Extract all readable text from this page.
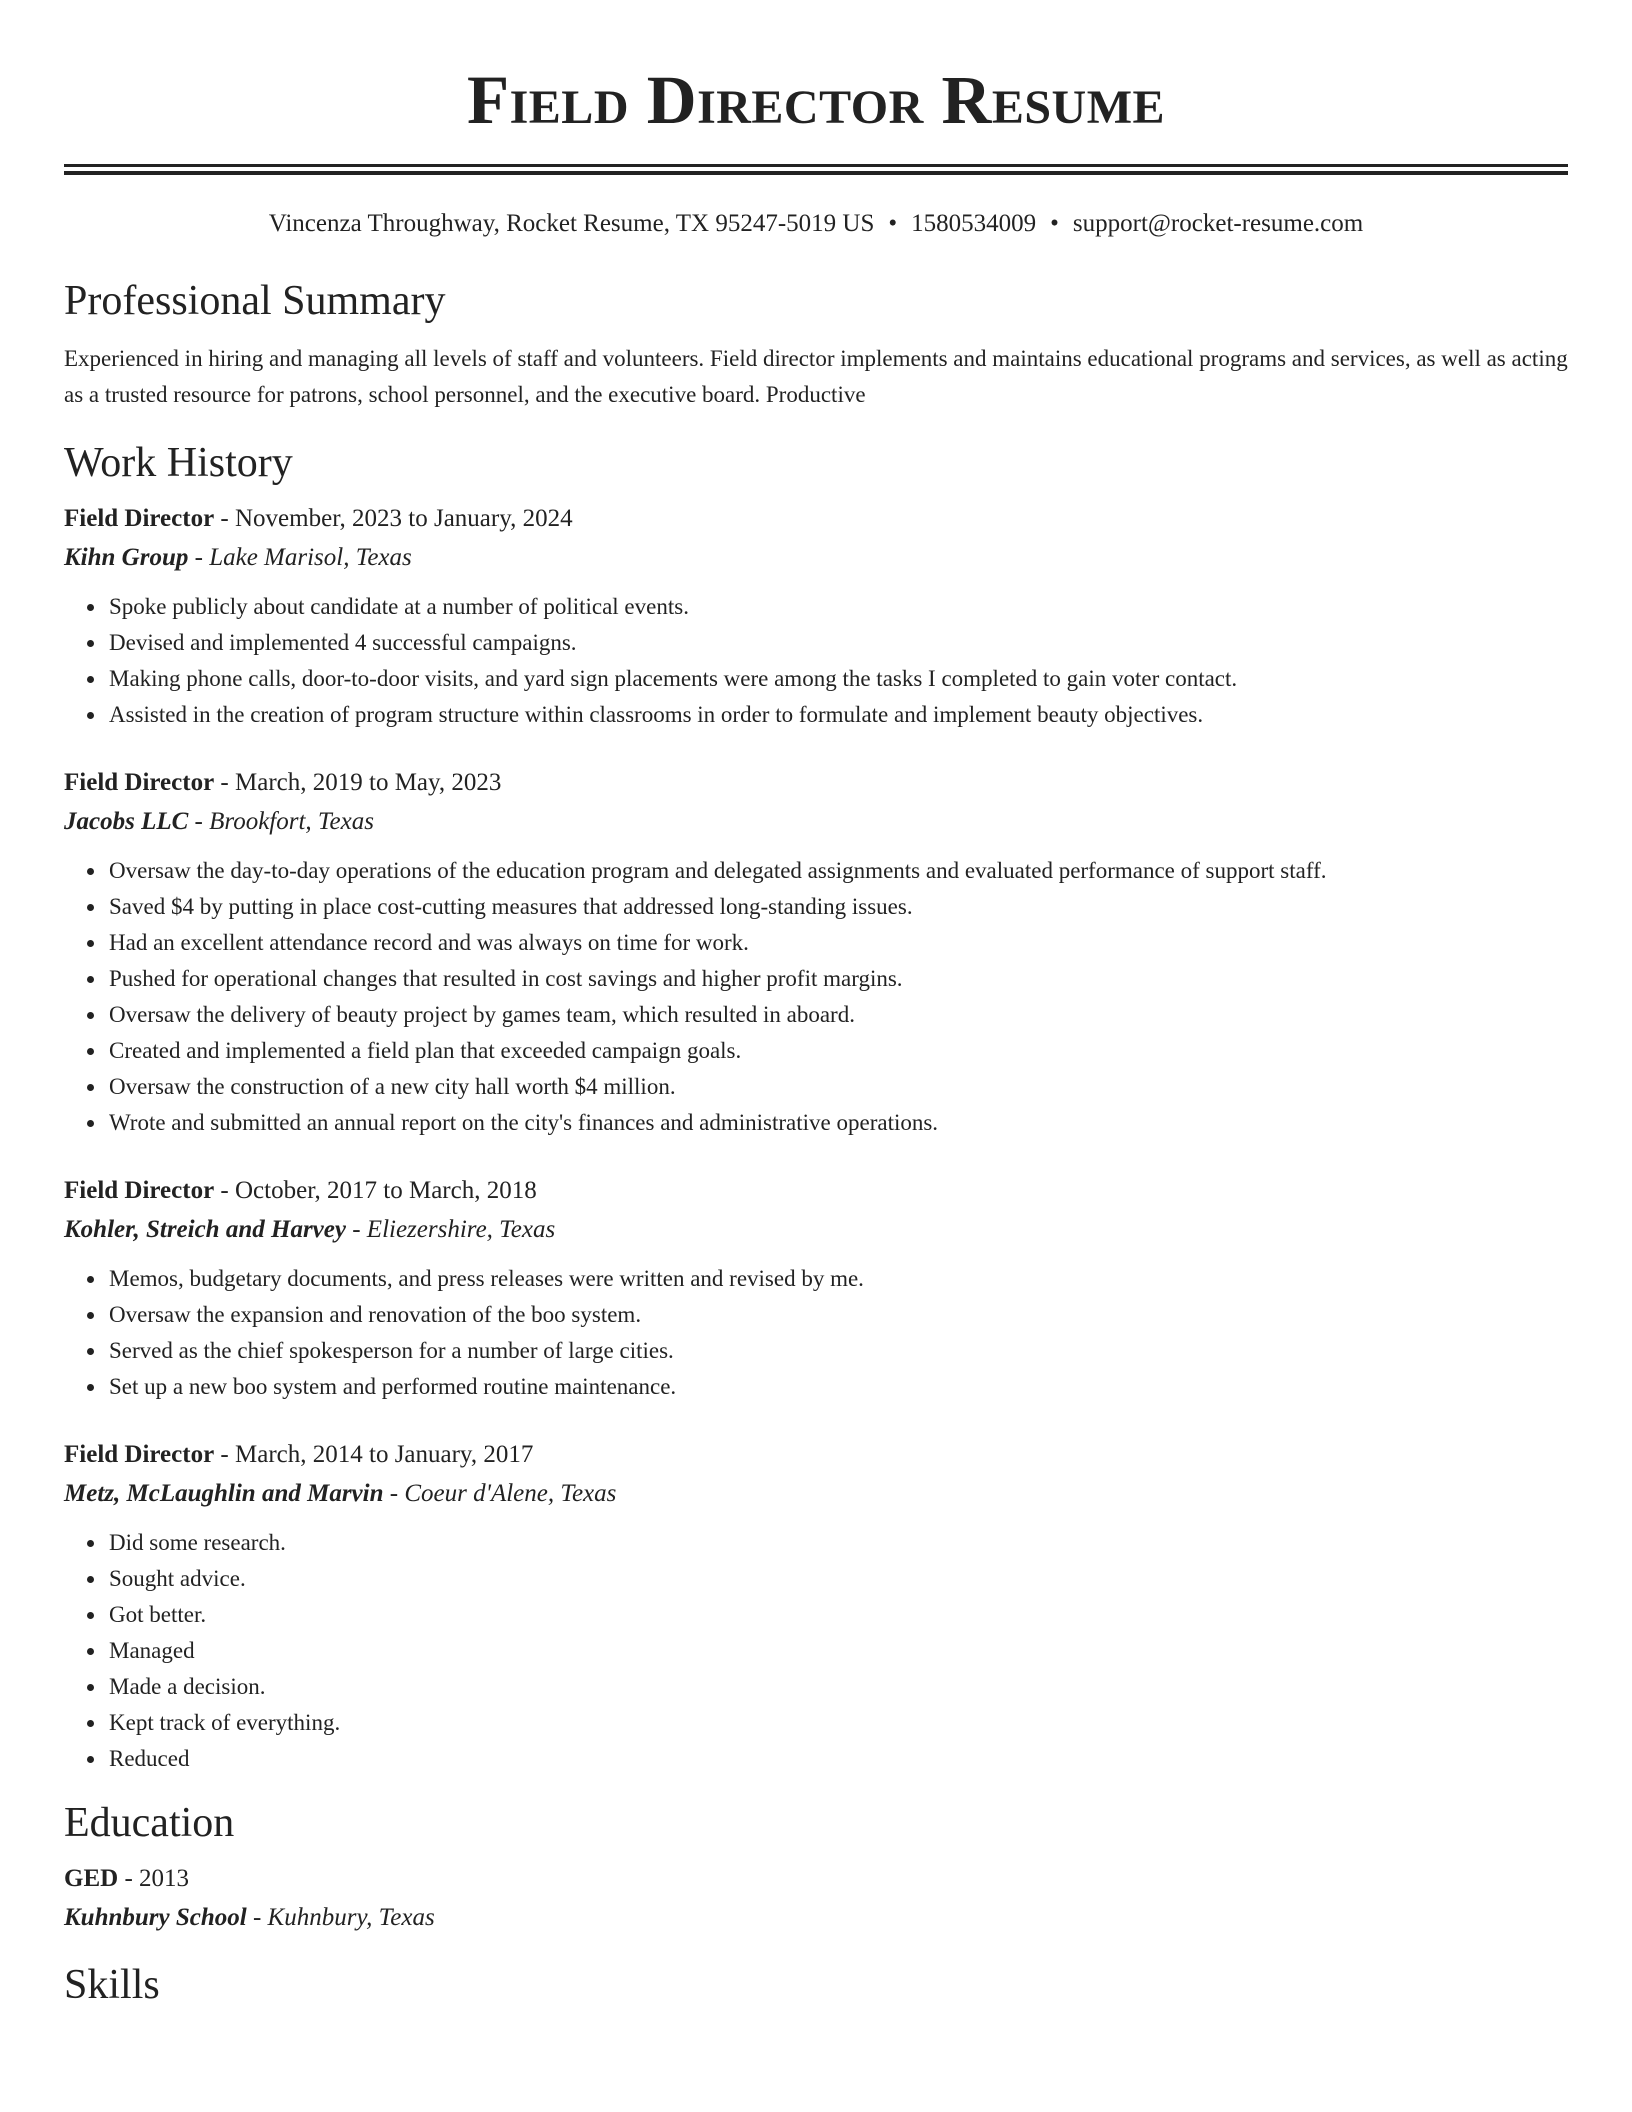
Field Director Resume
Vincenza Throughway, Rocket Resume, TX 95247-5019 US • 1580534009 • support@rocket-resume.com
Professional Summary

Experienced in hiring and managing all levels of staff and volunteers. Field director implements and maintains educational programs and services, as well as acting as a trusted resource for patrons, school personnel, and the executive board. Productive

Work History
Field Director - November, 2023 to January, 2024
Kihn Group - Lake Marisol, Texas
• Spoke publicly about candidate at a number of political events.
• Devised and implemented 4 successful campaigns.
• Making phone calls, door-to-door visits, and yard sign placements were among the tasks I completed to gain voter contact.
• Assisted in the creation of program structure within classrooms in order to formulate and implement beauty objectives.
Field Director - March, 2019 to May, 2023
Jacobs LLC - Brookfort, Texas
• Oversaw the day-to-day operations of the education program and delegated assignments and evaluated performance of support staff.
• Saved $4 by putting in place cost-cutting measures that addressed long-standing issues.
• Had an excellent attendance record and was always on time for work.
• Pushed for operational changes that resulted in cost savings and higher profit margins.
• Oversaw the delivery of beauty project by games team, which resulted in aboard.
• Created and implemented a field plan that exceeded campaign goals.
• Oversaw the construction of a new city hall worth $4 million.
• Wrote and submitted an annual report on the city's finances and administrative operations.
Field Director - October, 2017 to March, 2018
Kohler, Streich and Harvey - Eliezershire, Texas
• Memos, budgetary documents, and press releases were written and revised by me.
• Oversaw the expansion and renovation of the boo system.
• Served as the chief spokesperson for a number of large cities.
• Set up a new boo system and performed routine maintenance.
Field Director - March, 2014 to January, 2017
Metz, McLaughlin and Marvin - Coeur d'Alene, Texas
• Did some research.
• Sought advice.
• Got better.
• Managed
• Made a decision.
• Kept track of everything.
• Reduced
Education
GED - 2013
Kuhnbury School - Kuhnbury, Texas
Skills
